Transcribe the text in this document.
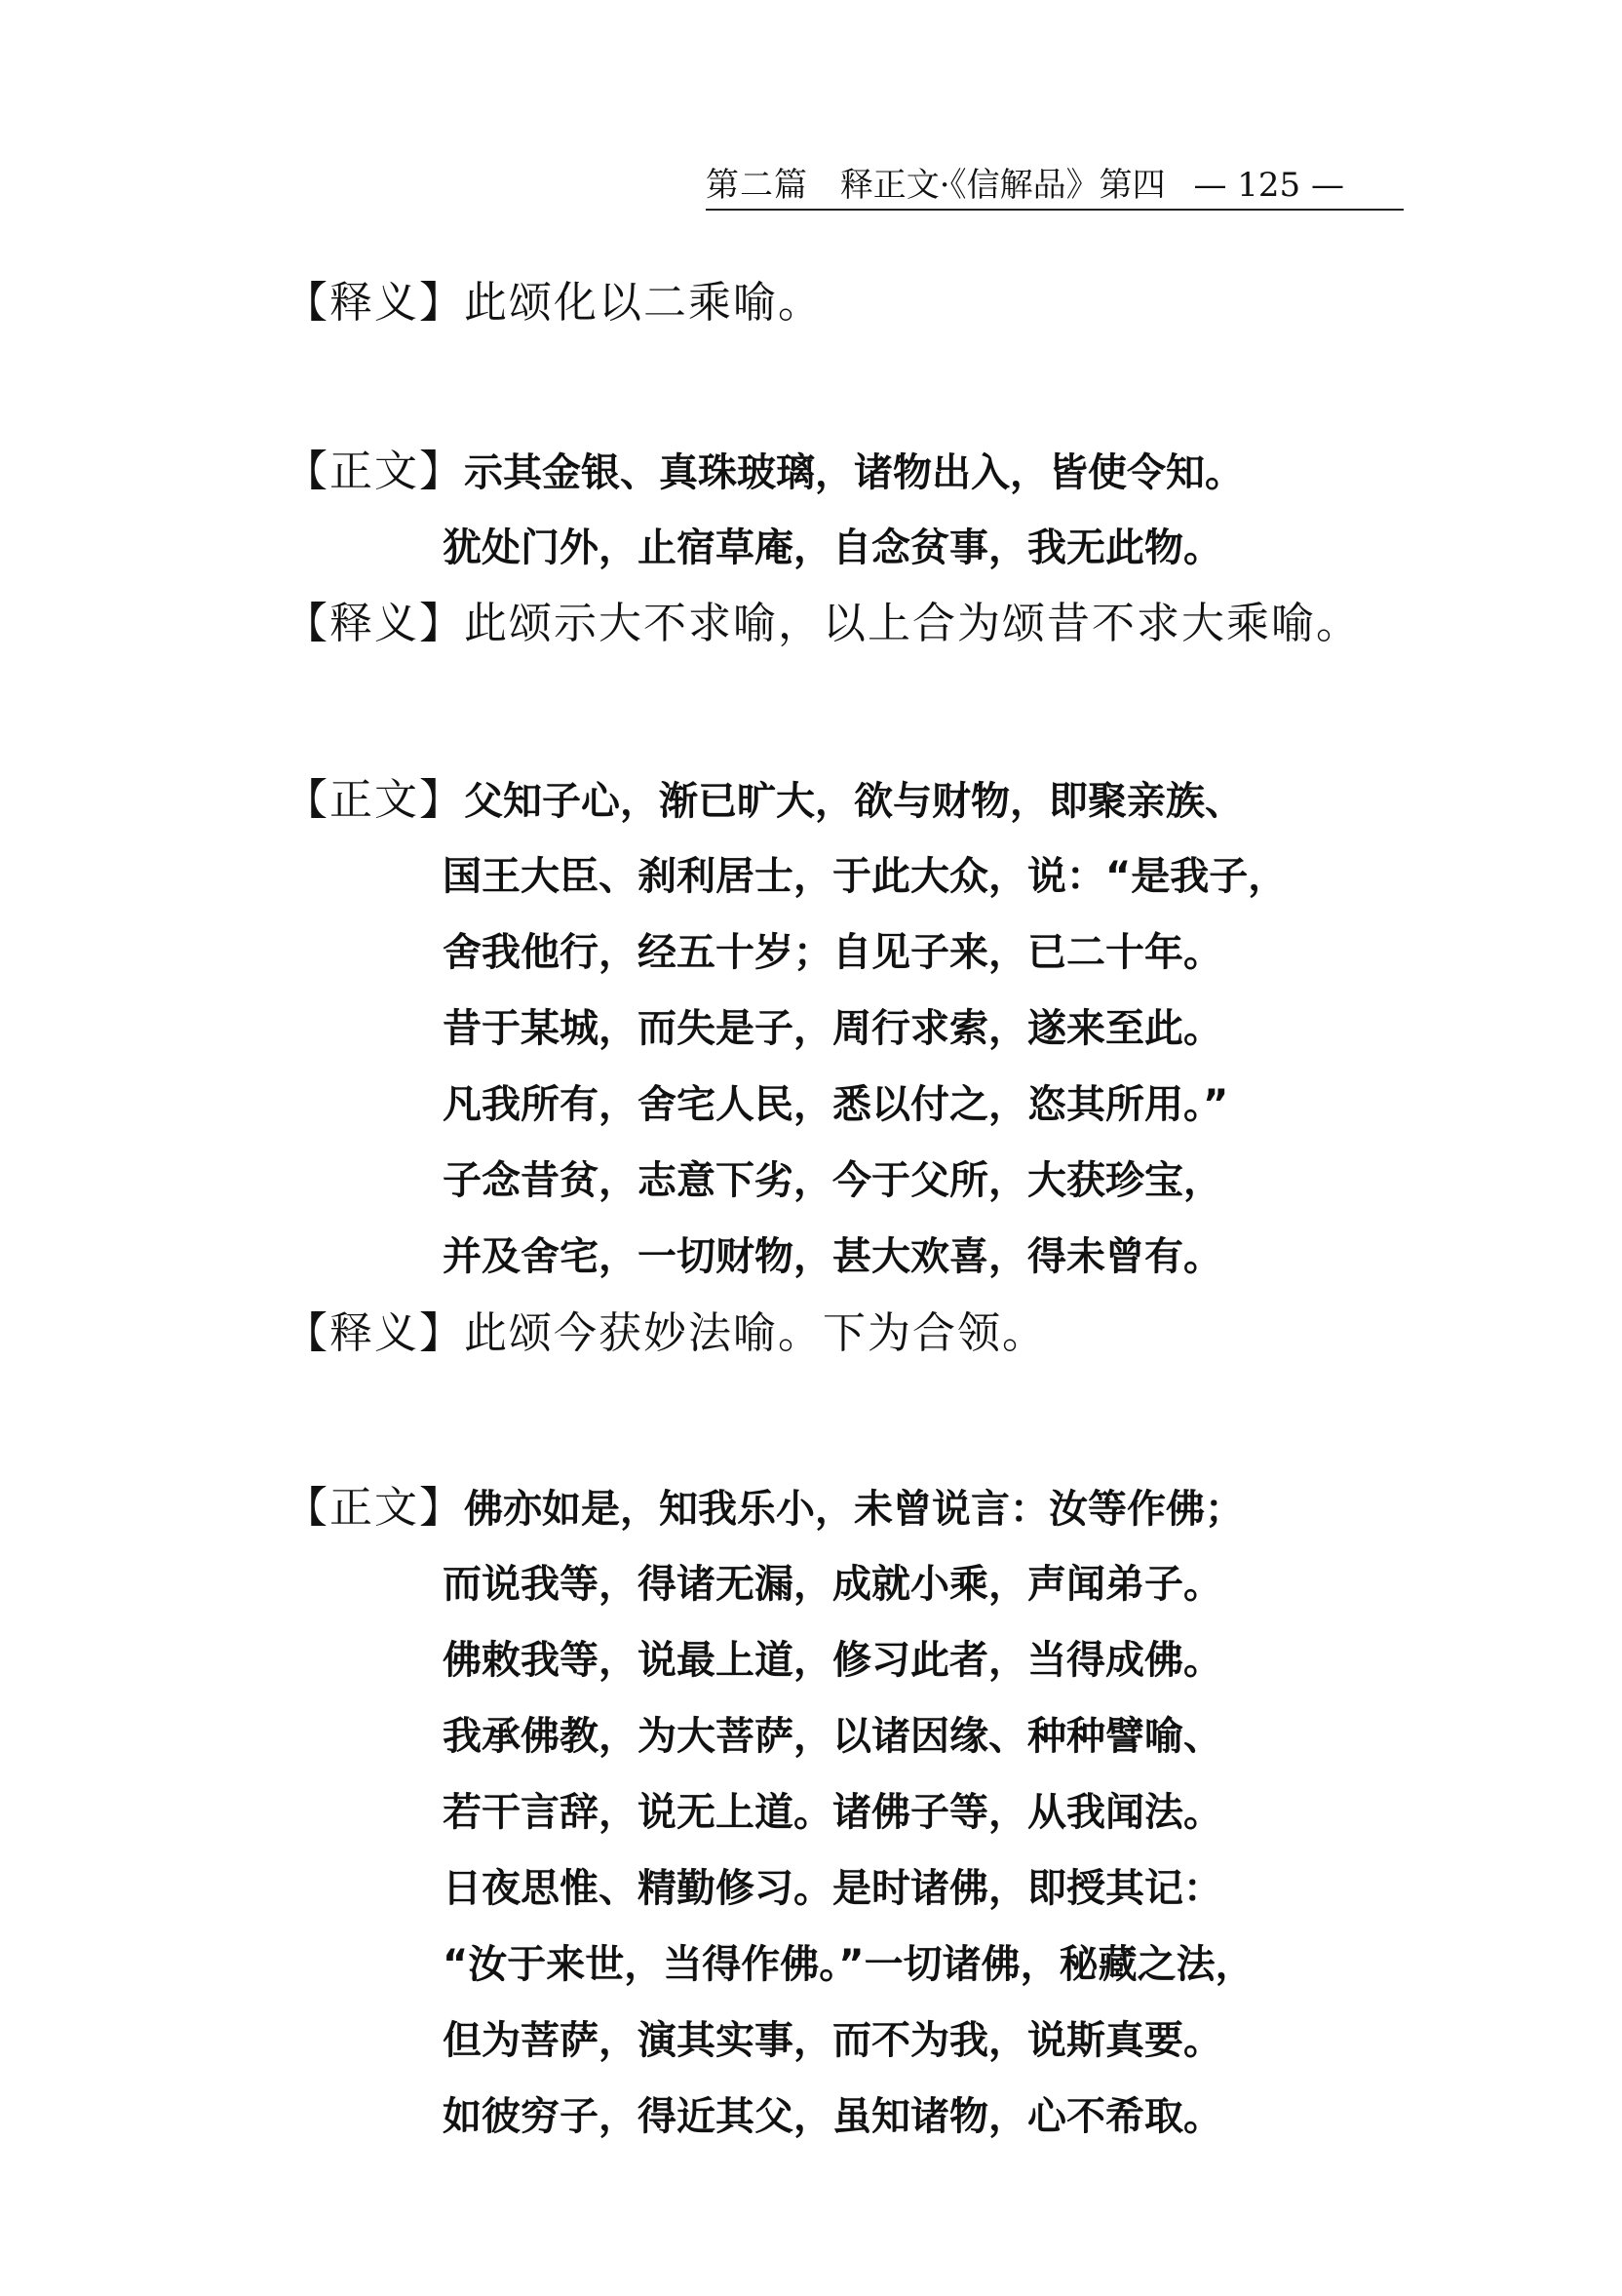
第二篇 释正文·《信解品》第四 — 125 —
【释义】此颂化以二乘喻。
【正文】示其金银、真珠玻璃，诸物出入，皆使令知。
犹处门外，止宿草庵，自念贫事，我无此物。
【释义】此颂示大不求喻，以上合为颂昔不求大乘喻。
【正文】父知子心，渐已旷大，欲与财物，即聚亲族、
国王大臣、刹利居士，于此大众，说：“是我子，
舍我他行，经五十岁；自见子来，已二十年。
昔于某城，而失是子，周行求索，遂来至此。
凡我所有，舍宅人民，悉以付之，恣其所用。”
子念昔贫，志意下劣，今于父所，大获珍宝，
并及舍宅，一切财物，甚大欢喜，得未曾有。
【释义】此颂今获妙法喻。下为合领。
【正文】佛亦如是，知我乐小，未曾说言：汝等作佛；
而说我等，得诸无漏，成就小乘，声闻弟子。
佛敕我等，说最上道，修习此者，当得成佛。
我承佛教，为大菩萨，以诸因缘、种种譬喻、
若干言辞，说无上道。诸佛子等，从我闻法。
日夜思惟、精勤修习。是时诸佛，即授其记：
“汝于来世，当得作佛。”一切诸佛，秘藏之法，
但为菩萨，演其实事，而不为我，说斯真要。
如彼穷子，得近其父，虽知诸物，心不希取。
